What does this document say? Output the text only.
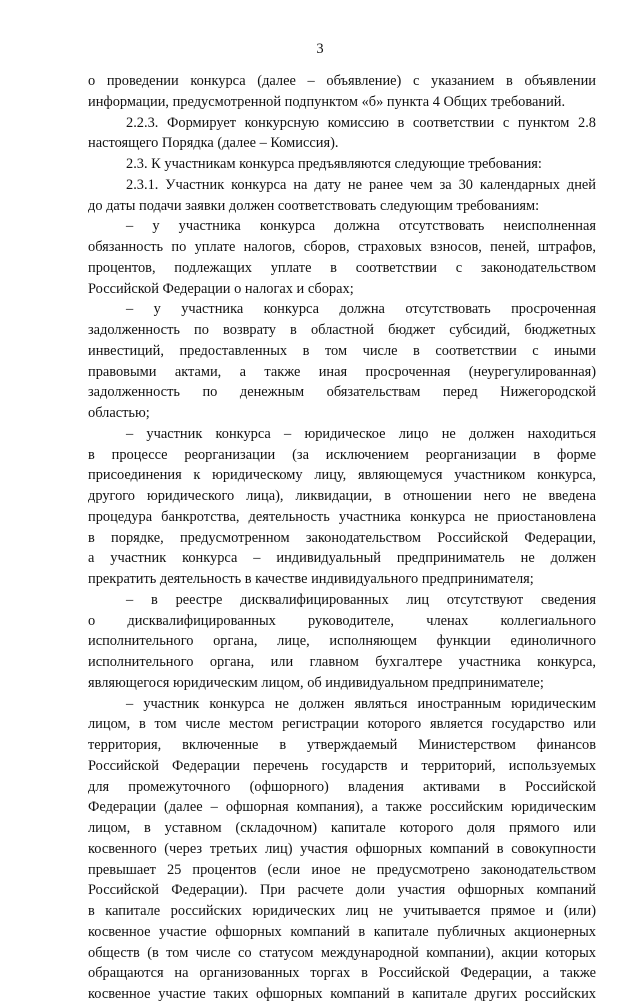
3
о проведении конкурса (далее – объявление) с указанием в объявлении
информации, предусмотренной подпунктом «б» пункта 4 Общих требований.
2.2.3. Формирует конкурсную комиссию в соответствии с пунктом 2.8
настоящего Порядка (далее – Комиссия).
2.3. К участникам конкурса предъявляются следующие требования:
2.3.1. Участник конкурса на дату не ранее чем за 30 календарных дней
до даты подачи заявки должен соответствовать следующим требованиям:
– у участника конкурса должна отсутствовать неисполненная
обязанность по уплате налогов, сборов, страховых взносов, пеней, штрафов,
процентов, подлежащих уплате в соответствии с законодательством
Российской Федерации о налогах и сборах;
– у участника конкурса должна отсутствовать просроченная
задолженность по возврату в областной бюджет субсидий, бюджетных
инвестиций, предоставленных в том числе в соответствии с иными
правовыми актами, а также иная просроченная (неурегулированная)
задолженность по денежным обязательствам перед Нижегородской
областью;
– участник конкурса – юридическое лицо не должен находиться
в процессе реорганизации (за исключением реорганизации в форме
присоединения к юридическому лицу, являющемуся участником конкурса,
другого юридического лица), ликвидации, в отношении него не введена
процедура банкротства, деятельность участника конкурса не приостановлена
в порядке, предусмотренном законодательством Российской Федерации,
а участник конкурса – индивидуальный предприниматель не должен
прекратить деятельность в качестве индивидуального предпринимателя;
– в реестре дисквалифицированных лиц отсутствуют сведения
о дисквалифицированных руководителе, членах коллегиального
исполнительного органа, лице, исполняющем функции единоличного
исполнительного органа, или главном бухгалтере участника конкурса,
являющегося юридическим лицом, об индивидуальном предпринимателе;
– участник конкурса не должен являться иностранным юридическим
лицом, в том числе местом регистрации которого является государство или
территория, включенные в утверждаемый Министерством финансов
Российской Федерации перечень государств и территорий, используемых
для промежуточного (офшорного) владения активами в Российской
Федерации (далее – офшорная компания), а также российским юридическим
лицом, в уставном (складочном) капитале которого доля прямого или
косвенного (через третьих лиц) участия офшорных компаний в совокупности
превышает 25 процентов (если иное не предусмотрено законодательством
Российской Федерации). При расчете доли участия офшорных компаний
в капитале российских юридических лиц не учитывается прямое и (или)
косвенное участие офшорных компаний в капитале публичных акционерных
обществ (в том числе со статусом международной компании), акции которых
обращаются на организованных торгах в Российской Федерации, а также
косвенное участие таких офшорных компаний в капитале других российских
